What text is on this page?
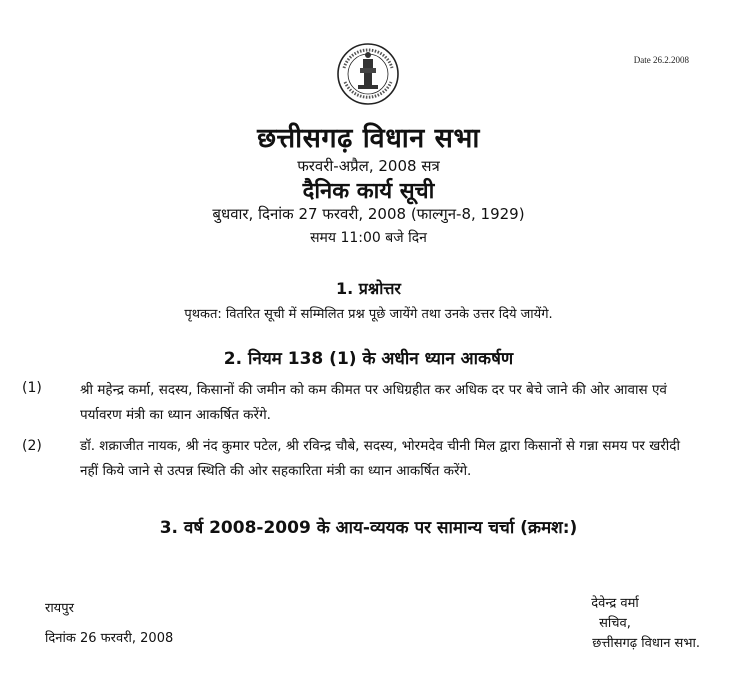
Date 26.2.2008
छत्तीसगढ़ विधान सभा
फरवरी-अप्रैल, 2008 सत्र
दैनिक कार्य सूची
बुधवार, दिनांक 27 फरवरी, 2008 (फाल्गुन-8, 1929)
समय 11:00 बजे दिन
1. प्रश्नोत्तर
पृथकत: वितरित सूची में सम्मिलित प्रश्न पूछे जायेंगे तथा उनके उत्तर दिये जायेंगे.
2. नियम 138 (1) के अधीन ध्यान आकर्षण
(1)	श्री महेन्द्र कर्मा, सदस्य, किसानों की जमीन को कम कीमत पर अधिग्रहीत कर अधिक दर पर बेचे जाने की ओर आवास एवं पर्यावरण मंत्री का ध्यान आकर्षित करेंगे.
(2)	डॉ. शक्राजीत नायक, श्री नंद कुमार पटेल, श्री रविन्द्र चौबे, सदस्य, भोरमदेव चीनी मिल द्वारा किसानों से गन्ना समय पर खरीदी नहीं किये जाने से उत्पन्न स्थिति की ओर सहकारिता मंत्री का ध्यान आकर्षित करेंगे.
3. वर्ष 2008-2009 के आय-व्ययक पर सामान्य चर्चा (क्रमश:)
रायपुर
दिनांक 26 फरवरी, 2008
देवेन्द्र वर्मा
सचिव,
छत्तीसगढ़ विधान सभा.
